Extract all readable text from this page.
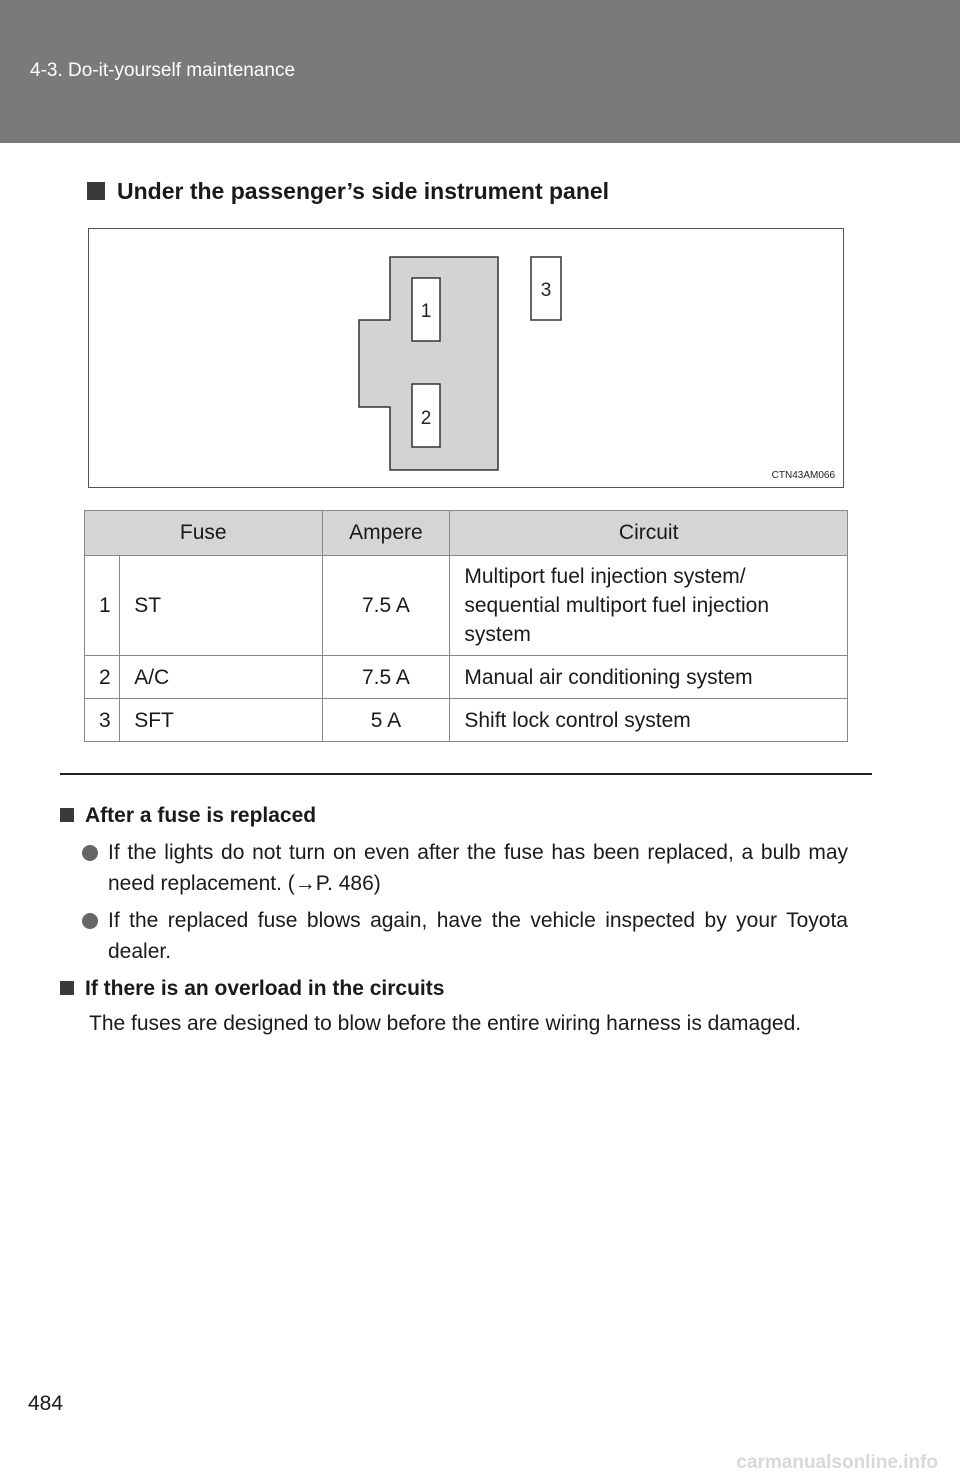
4-3. Do-it-yourself maintenance
Under the passenger’s side instrument panel
1
2
3
CTN43AM066
Fuse		Ampere	Circuit
1	ST	7.5 A	Multiport fuel injection system/ sequential multiport fuel injection system
2	A/C	7.5 A	Manual air conditioning system
3	SFT	5 A	Shift lock control system
After a fuse is replaced
If the lights do not turn on even after the fuse has been replaced, a bulb may need replacement. (→P. 486)
If the replaced fuse blows again, have the vehicle inspected by your Toyota dealer.
If there is an overload in the circuits
The fuses are designed to blow before the entire wiring harness is damaged.
484
carmanualsonline.info
